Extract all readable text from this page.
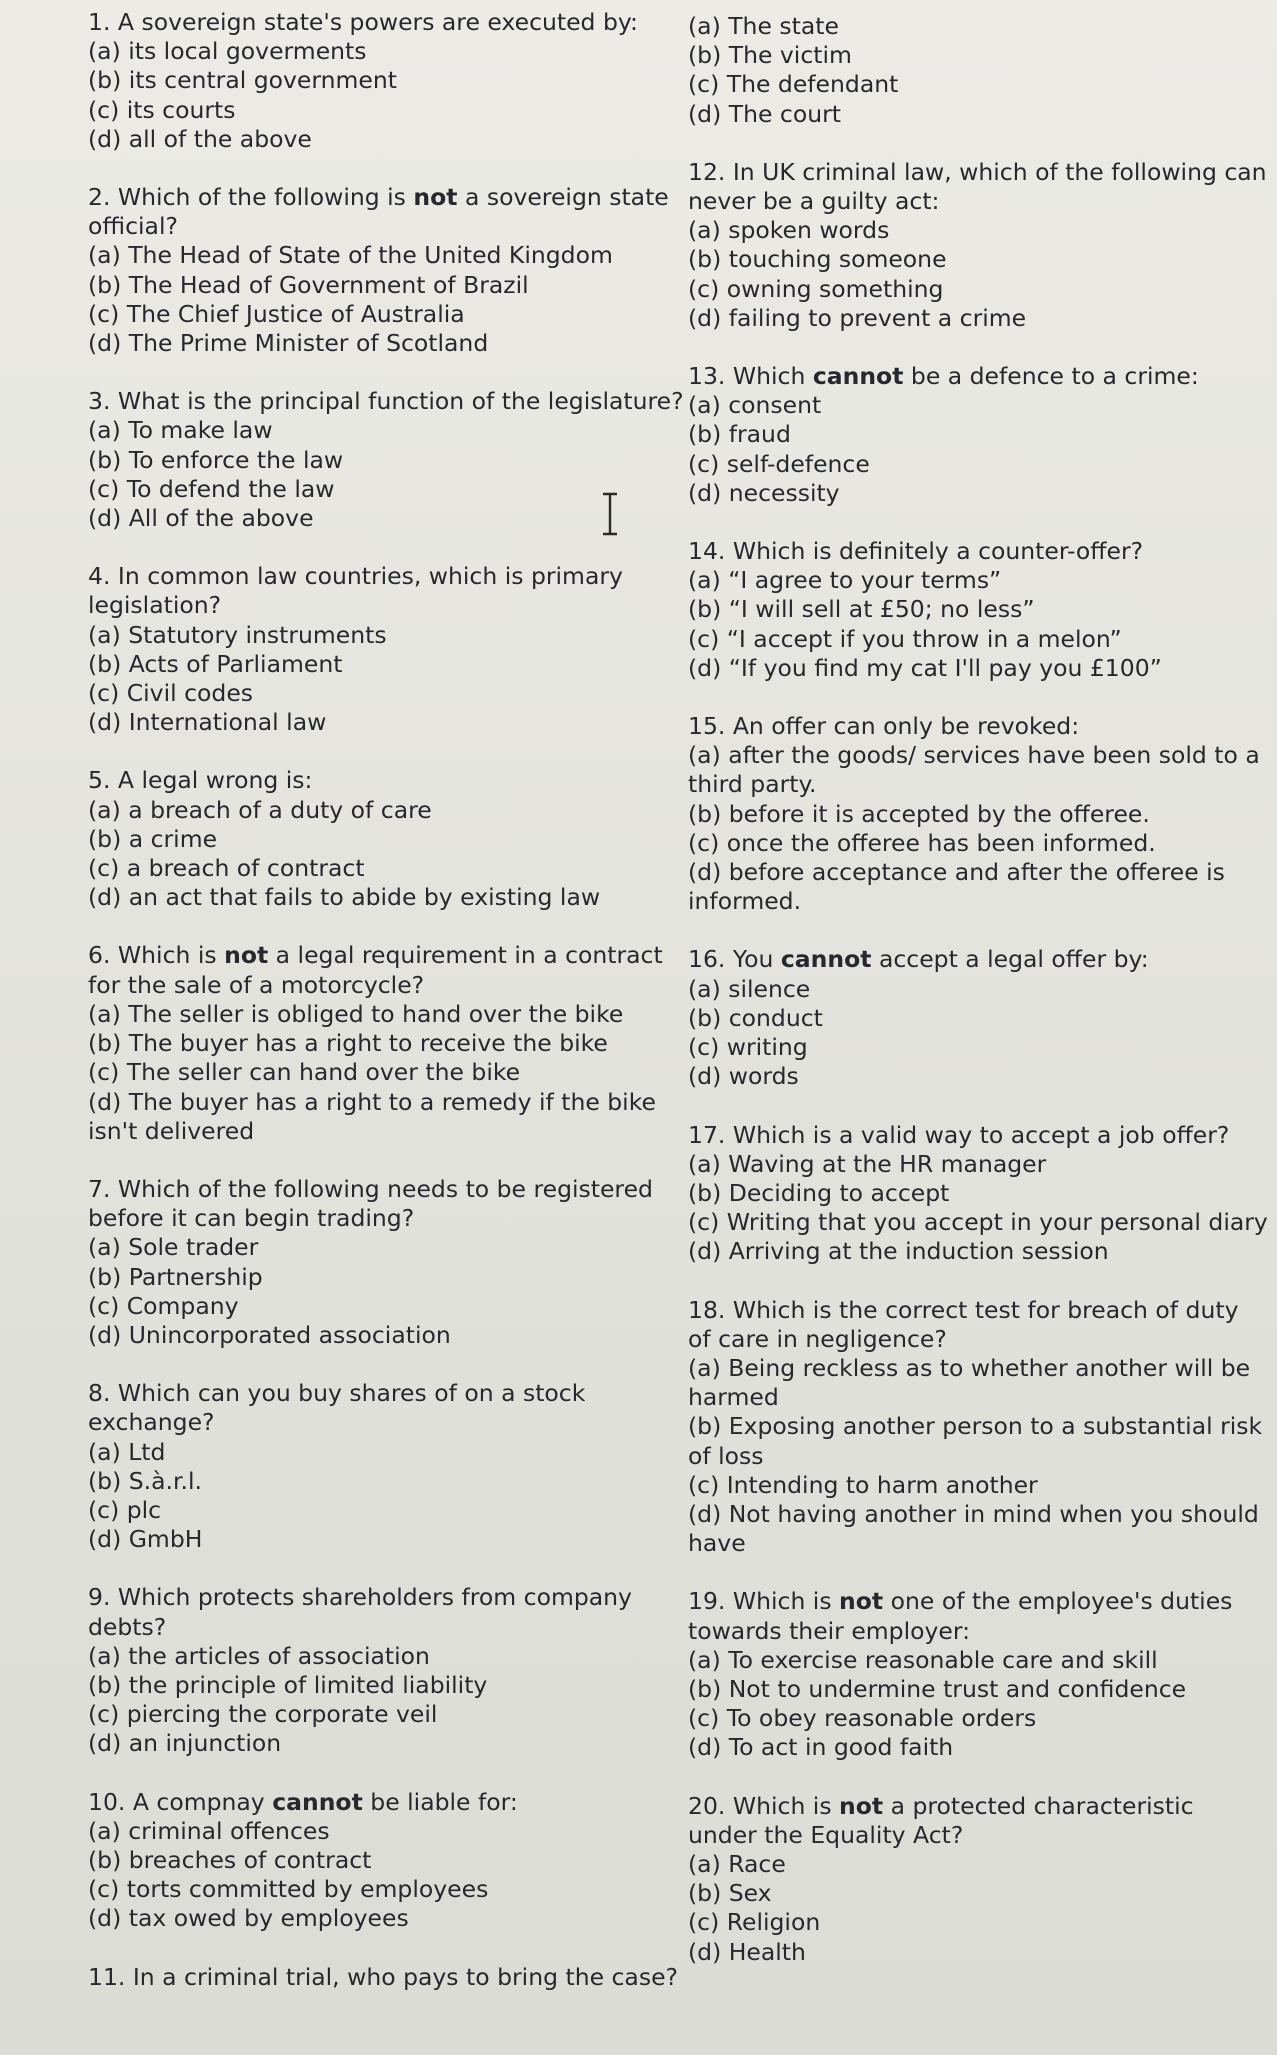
1. A sovereign state's powers are executed by:
(a) its local goverments
(b) its central government
(c) its courts
(d) all of the above
2. Which of the following is not a sovereign state official?
(a) The Head of State of the United Kingdom
(b) The Head of Government of Brazil
(c) The Chief Justice of Australia
(d) The Prime Minister of Scotland
3. What is the principal function of the legislature?
(a) To make law
(b) To enforce the law
(c) To defend the law
(d) All of the above
4. In common law countries, which is primary legislation?
(a) Statutory instruments
(b) Acts of Parliament
(c) Civil codes
(d) International law
5. A legal wrong is:
(a) a breach of a duty of care
(b) a crime
(c) a breach of contract
(d) an act that fails to abide by existing law
6. Which is not a legal requirement in a contract for the sale of a motorcycle?
(a) The seller is obliged to hand over the bike
(b) The buyer has a right to receive the bike
(c) The seller can hand over the bike
(d) The buyer has a right to a remedy if the bike isn't delivered
7. Which of the following needs to be registered before it can begin trading?
(a) Sole trader
(b) Partnership
(c) Company
(d) Unincorporated association
8. Which can you buy shares of on a stock exchange?
(a) Ltd
(b) S.à.r.l.
(c) plc
(d) GmbH
9. Which protects shareholders from company debts?
(a) the articles of association
(b) the principle of limited liability
(c) piercing the corporate veil
(d) an injunction
10. A compnay cannot be liable for:
(a) criminal offences
(b) breaches of contract
(c) torts committed by employees
(d) tax owed by employees
11. In a criminal trial, who pays to bring the case?
(a) The state
(b) The victim
(c) The defendant
(d) The court
12. In UK criminal law, which of the following can never be a guilty act:
(a) spoken words
(b) touching someone
(c) owning something
(d) failing to prevent a crime
13. Which cannot be a defence to a crime:
(a) consent
(b) fraud
(c) self-defence
(d) necessity
14. Which is definitely a counter-offer?
(a) “I agree to your terms”
(b) “I will sell at £50; no less”
(c) “I accept if you throw in a melon”
(d) “If you find my cat I'll pay you £100”
15. An offer can only be revoked:
(a) after the goods/ services have been sold to a third party.
(b) before it is accepted by the offeree.
(c) once the offeree has been informed.
(d) before acceptance and after the offeree is informed.
16. You cannot accept a legal offer by:
(a) silence
(b) conduct
(c) writing
(d) words
17. Which is a valid way to accept a job offer?
(a) Waving at the HR manager
(b) Deciding to accept
(c) Writing that you accept in your personal diary
(d) Arriving at the induction session
18. Which is the correct test for breach of duty of care in negligence?
(a) Being reckless as to whether another will be harmed
(b) Exposing another person to a substantial risk of loss
(c) Intending to harm another
(d) Not having another in mind when you should have
19. Which is not one of the employee's duties towards their employer:
(a) To exercise reasonable care and skill
(b) Not to undermine trust and confidence
(c) To obey reasonable orders
(d) To act in good faith
20. Which is not a protected characteristic under the Equality Act?
(a) Race
(b) Sex
(c) Religion
(d) Health
